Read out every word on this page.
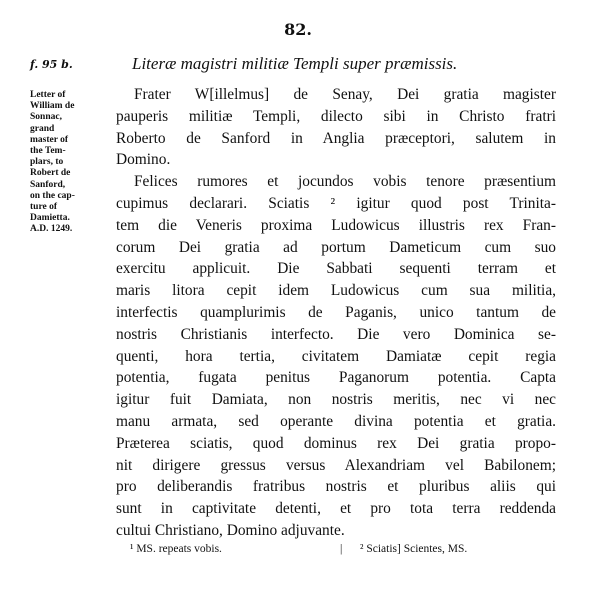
82.
f. 95 b.	Literæ magistri militiæ Templi super præmissis.
Letter of
William de
Sonnac,
grand
master of
the Tem-
plars, to
Robert de
Sanford,
on the cap-
ture of
Damietta.
A.D. 1249.
Frater W[illelmus] de Senay, Dei gratia magister
pauperis militiæ Templi, dilecto sibi in Christo fratri
Roberto de Sanford in Anglia præceptori, salutem in
Domino.
Felices rumores et jocundos vobis tenore præsentium
cupimus declarari. Sciatis ² igitur quod post Trinita-
tem die Veneris proxima Ludowicus illustris rex Fran-
corum Dei gratia ad portum Dameticum cum suo
exercitu applicuit. Die Sabbati sequenti terram et
maris litora cepit idem Ludowicus cum sua militia,
interfectis quamplurimis de Paganis, unico tantum de
nostris Christianis interfecto. Die vero Dominica se-
quenti, hora tertia, civitatem Damiatæ cepit regia
potentia, fugata penitus Paganorum potentia. Capta
igitur fuit Damiata, non nostris meritis, nec vi nec
manu armata, sed operante divina potentia et gratia.
Præterea sciatis, quod dominus rex Dei gratia propo-
nit dirigere gressus versus Alexandriam vel Babilonem;
pro deliberandis fratribus nostris et pluribus aliis qui
sunt in captivitate detenti, et pro tota terra reddenda
cultui Christiano, Domino adjuvante.
¹ MS. repeats vobis.	| ² Sciatis] Scientes, MS.
